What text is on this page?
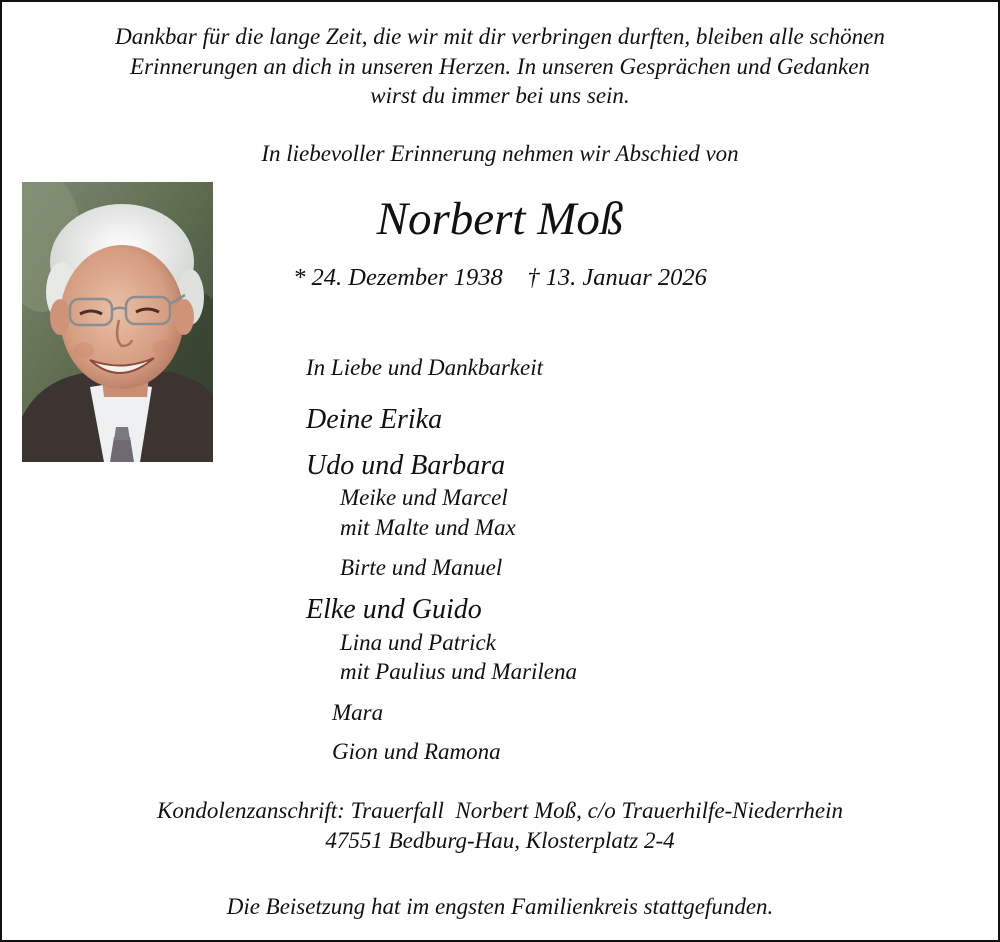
Dankbar für die lange Zeit, die wir mit dir verbringen durften, bleiben alle schönen
Erinnerungen an dich in unseren Herzen. In unseren Gesprächen und Gedanken
wirst du immer bei uns sein.
In liebevoller Erinnerung nehmen wir Abschied von
Norbert Moß
* 24. Dezember 1938 † 13. Januar 2026
In Liebe und Dankbarkeit
Deine Erika
Udo und Barbara
Meike und Marcel
mit Malte und Max
Birte und Manuel
Elke und Guido
Lina und Patrick
mit Paulius und Marilena
Mara
Gion und Ramona
Kondolenzanschrift: Trauerfall  Norbert Moß, c/o Trauerhilfe-Niederrhein
47551 Bedburg-Hau, Klosterplatz 2-4
Die Beisetzung hat im engsten Familienkreis stattgefunden.
